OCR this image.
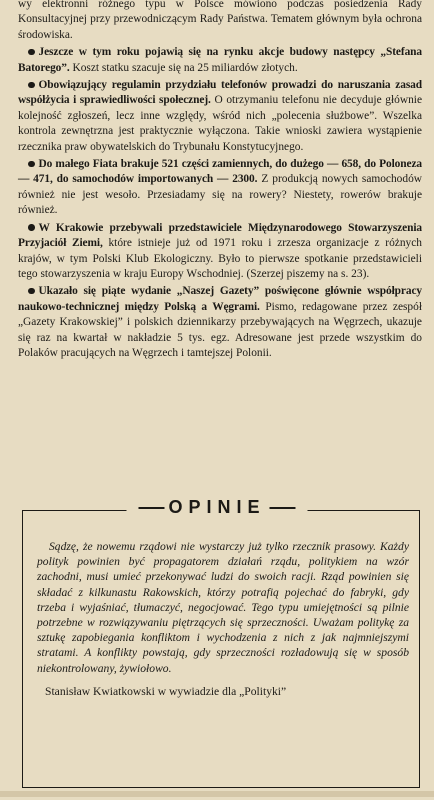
wy elektronni różnego typu w Polsce mówiono podczas posiedzenia Rady Konsultacyjnej przy przewodniczącym Rady Państwa. Tematem głównym była ochrona środowiska.

Jeszcze w tym roku pojawią się na rynku akcje budowy następcy „Stefana Batorego”. Koszt statku szacuje się na 25 miliardów złotych.

Obowiązujący regulamin przydziału telefonów prowadzi do naruszania zasad współżycia i sprawiedliwości społecznej. O otrzymaniu telefonu nie decyduje głównie kolejność zgłoszeń, lecz inne względy, wśród nich „polecenia służbowe”. Wszelka kontrola zewnętrzna jest praktycznie wyłączona. Takie wnioski zawiera wystąpienie rzecznika praw obywatelskich do Trybunału Konstytucyjnego.

Do małego Fiata brakuje 521 części zamiennych, do dużego — 658, do Poloneza — 471, do samochodów importowanych — 2300. Z produkcją nowych samochodów również nie jest wesoło. Przesiadamy się na rowery? Niestety, rowerów brakuje również.

W Krakowie przebywali przedstawiciele Międzynarodowego Stowarzyszenia Przyjaciół Ziemi, które istnieje już od 1971 roku i zrzesza organizacje z różnych krajów, w tym Polski Klub Ekologiczny. Było to pierwsze spotkanie przedstawicieli tego stowarzyszenia w kraju Europy Wschodniej. (Szerzej piszemy na s. 23).

Ukazało się piąte wydanie „Naszej Gazety” poświęcone głównie współpracy naukowo-technicznej między Polską a Węgrami. Pismo, redagowane przez zespół „Gazety Krakowskiej” i polskich dziennikarzy przebywających na Węgrzech, ukazuje się raz na kwartał w nakładzie 5 tys. egz. Adresowane jest przede wszystkim do Polaków pracujących na Węgrzech i tamtejszej Polonii.

Sądzę, że nowemu rządowi nie wystarczy już tylko rzecznik prasowy. Każdy polityk powinien być propagatorem działań rządu, politykiem na wzór zachodni, musi umieć przekonywać ludzi do swoich racji. Rząd powinien się składać z kilkunastu Rakowskich, którzy potrafią pojechać do fabryki, gdy trzeba i wyjaśniać, tłumaczyć, negocjować. Tego typu umiejętności są pilnie potrzebne w rozwiązywaniu piętrzących się sprzeczności. Uważam politykę za sztukę zapobiegania konfliktom i wychodzenia z nich z jak najmniejszymi stratami. A konflikty powstają, gdy sprzeczności rozładowują się w sposób niekontrolowany, żywiołowo.

Stanisław Kwiatkowski w wywiadzie dla „Polityki”
OPINIE
